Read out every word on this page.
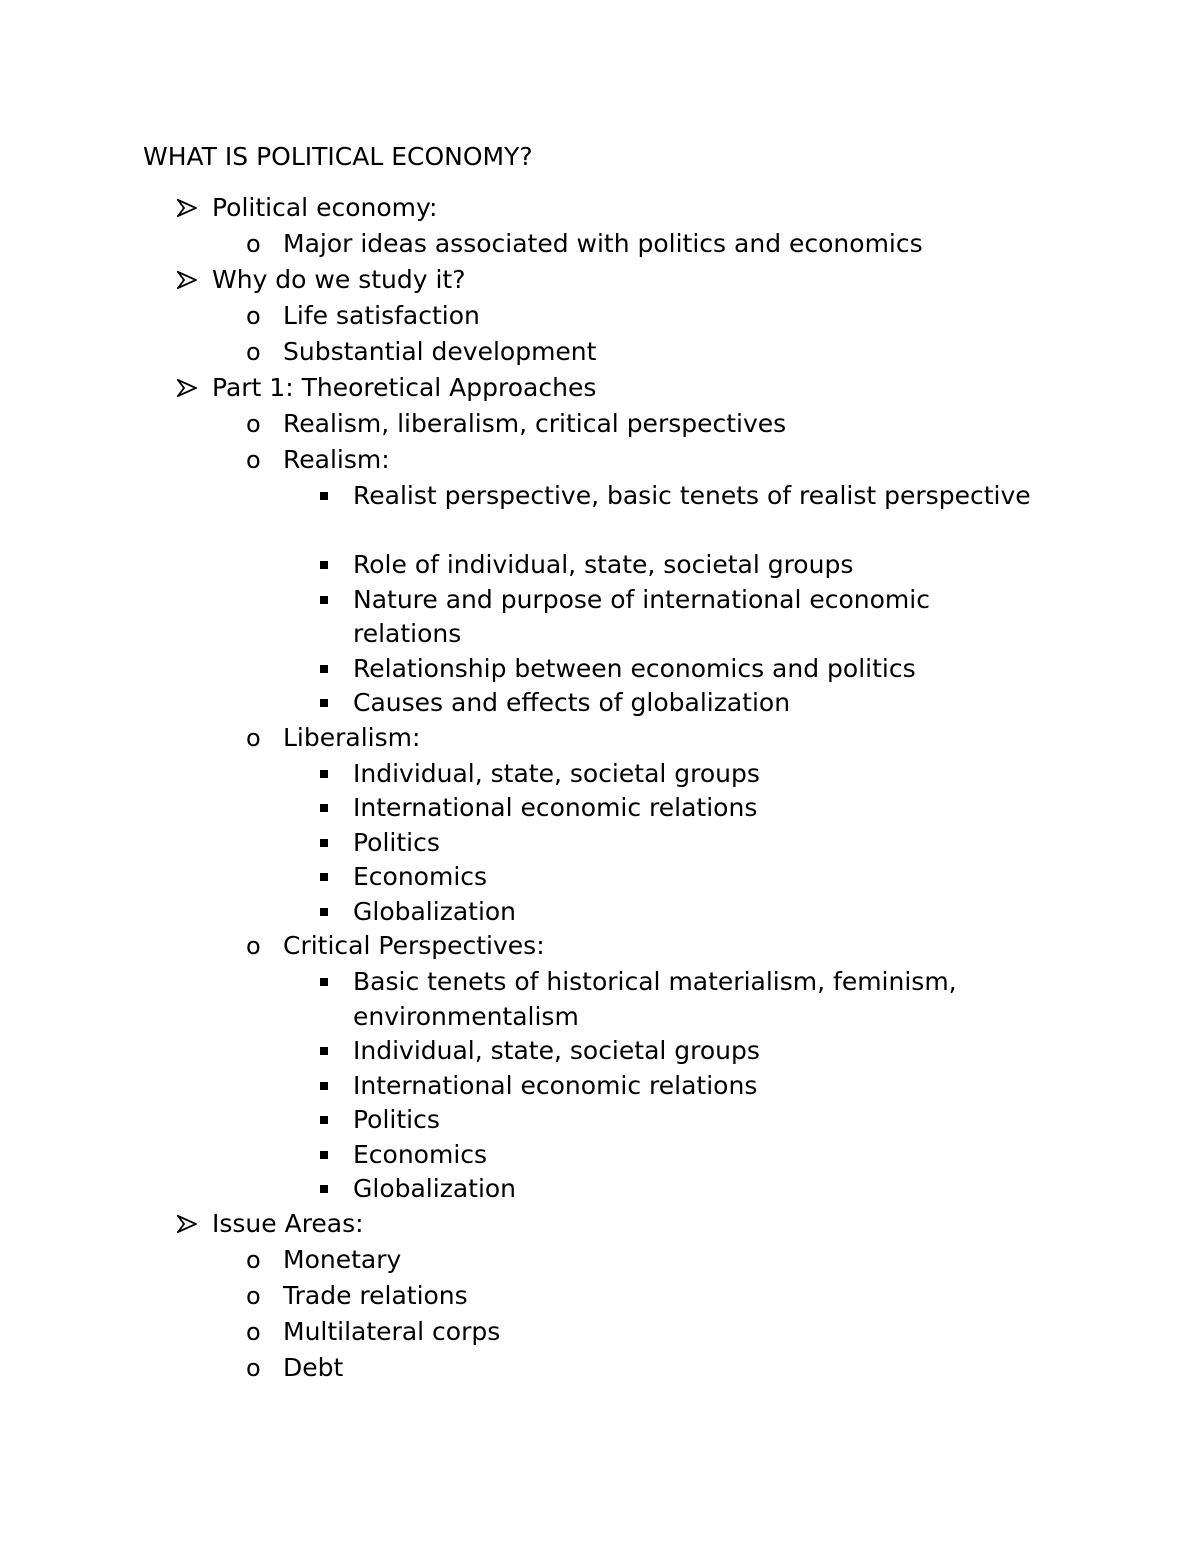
WHAT IS POLITICAL ECONOMY?
Political economy:
o Major ideas associated with politics and economics
Why do we study it?
o Life satisfaction
o Substantial development
Part 1: Theoretical Approaches
o Realism, liberalism, critical perspectives
o Realism:
Realist perspective, basic tenets of realist perspective
Role of individual, state, societal groups
Nature and purpose of international economic relations
Relationship between economics and politics
Causes and effects of globalization
o Liberalism:
Individual, state, societal groups
International economic relations
Politics
Economics
Globalization
o Critical Perspectives:
Basic tenets of historical materialism, feminism, environmentalism
Individual, state, societal groups
International economic relations
Politics
Economics
Globalization
Issue Areas:
o Monetary
o Trade relations
o Multilateral corps
o Debt
